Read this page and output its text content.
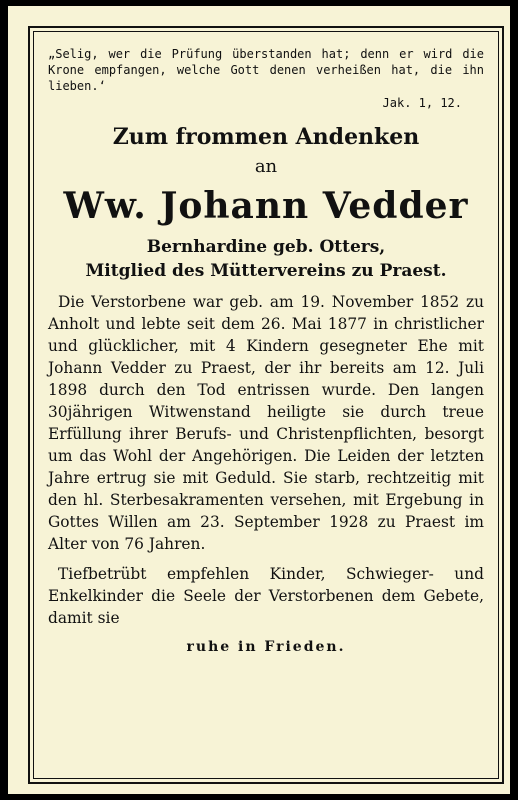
„Selig, wer die Prüfung überstanden hat; denn er wird die Krone empfangen, welche Gott denen verheißen hat, die ihn lieben.‘

Jak. 1, 12.

Zum frommen Andenken

an

Ww. Johann Vedder

Bernhardine geb. Otters,

Mitglied des Müttervereins zu Praest.

Die Verstorbene war geb. am 19. November 1852 zu Anholt und lebte seit dem 26. Mai 1877 in christlicher und glücklicher, mit 4 Kindern gesegneter Ehe mit Johann Vedder zu Praest, der ihr bereits am 12. Juli 1898 durch den Tod entrissen wurde. Den langen 30jährigen Witwenstand heiligte sie durch treue Erfüllung ihrer Berufs- und Christenpflichten, besorgt um das Wohl der Angehörigen. Die Leiden der letzten Jahre ertrug sie mit Geduld. Sie starb, rechtzeitig mit den hl. Sterbesakramenten versehen, mit Ergebung in Gottes Willen am 23. September 1928 zu Praest im Alter von 76 Jahren.

Tiefbetrübt empfehlen Kinder, Schwieger- und Enkelkinder die Seele der Verstorbenen dem Gebete, damit sie

ruhe in Frieden.
